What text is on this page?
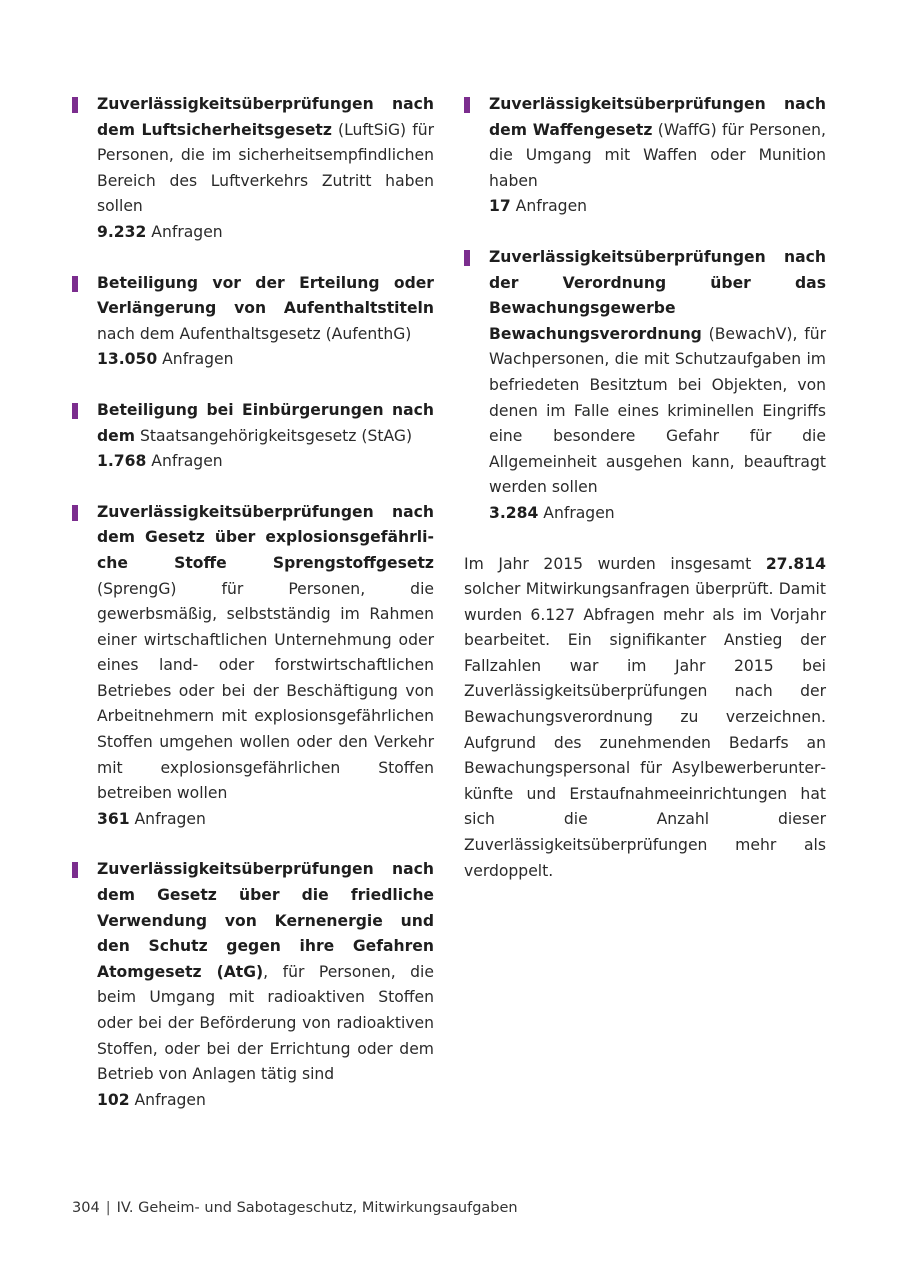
Zuverlässigkeitsüberprüfungen nach dem Luftsicherheitsgesetz (LuftSiG) für Personen, die im sicherheitsempfindlichen Bereich des Luftverkehrs Zutritt haben sollen
9.232 Anfragen
Beteiligung vor der Erteilung oder Verlängerung von Aufenthaltstiteln nach dem Aufenthaltsgesetz (AufenthG)
13.050 Anfragen
Beteiligung bei Einbürgerungen nach dem Staatsangehörigkeitsgesetz (StAG)
1.768 Anfragen
Zuverlässigkeitsüberprüfungen nach dem Gesetz über explosionsgefährliche Stoffe Sprengstoffgesetz (SprengG) für Personen, die gewerbsmäßig, selbstständig im Rahmen einer wirtschaftlichen Unternehmung oder eines land- oder forstwirtschaftlichen Betriebes oder bei der Beschäftigung von Arbeitnehmern mit explosionsgefährlichen Stoffen umgehen wollen oder den Verkehr mit explosionsgefährlichen Stoffen betreiben wollen
361 Anfragen
Zuverlässigkeitsüberprüfungen nach dem Gesetz über die friedliche Verwendung von Kernenergie und den Schutz gegen ihre Gefahren Atomgesetz (AtG), für Personen, die beim Umgang mit radioaktiven Stoffen oder bei der Beförderung von radioaktiven Stoffen, oder bei der Errichtung oder dem Betrieb von Anlagen tätig sind
102 Anfragen
Zuverlässigkeitsüberprüfungen nach dem Waffengesetz (WaffG) für Personen, die Umgang mit Waffen oder Munition haben
17 Anfragen
Zuverlässigkeitsüberprüfungen nach der Verordnung über das Bewachungsgewerbe Bewachungsverordnung (BewachV), für Wachpersonen, die mit Schutzaufgaben im befriedeten Besitztum bei Objekten, von denen im Falle eines kriminellen Eingriffs eine besondere Gefahr für die Allgemeinheit ausgehen kann, beauftragt werden sollen
3.284 Anfragen
Im Jahr 2015 wurden insgesamt 27.814 solcher Mitwirkungsanfragen überprüft. Damit wurden 6.127 Abfragen mehr als im Vorjahr bearbeitet. Ein signifikanter Anstieg der Fallzahlen war im Jahr 2015 bei Zuverlässigkeitsüberprüfungen nach der Bewachungsverordnung zu verzeichnen. Aufgrund des zunehmenden Bedarfs an Bewachungspersonal für Asylbewerberunterkünfte und Erstaufnahmeeinrichtungen hat sich die Anzahl dieser Zuverlässigkeitsüberprüfungen mehr als verdoppelt.
304 | IV. Geheim- und Sabotageschutz, Mitwirkungsaufgaben
